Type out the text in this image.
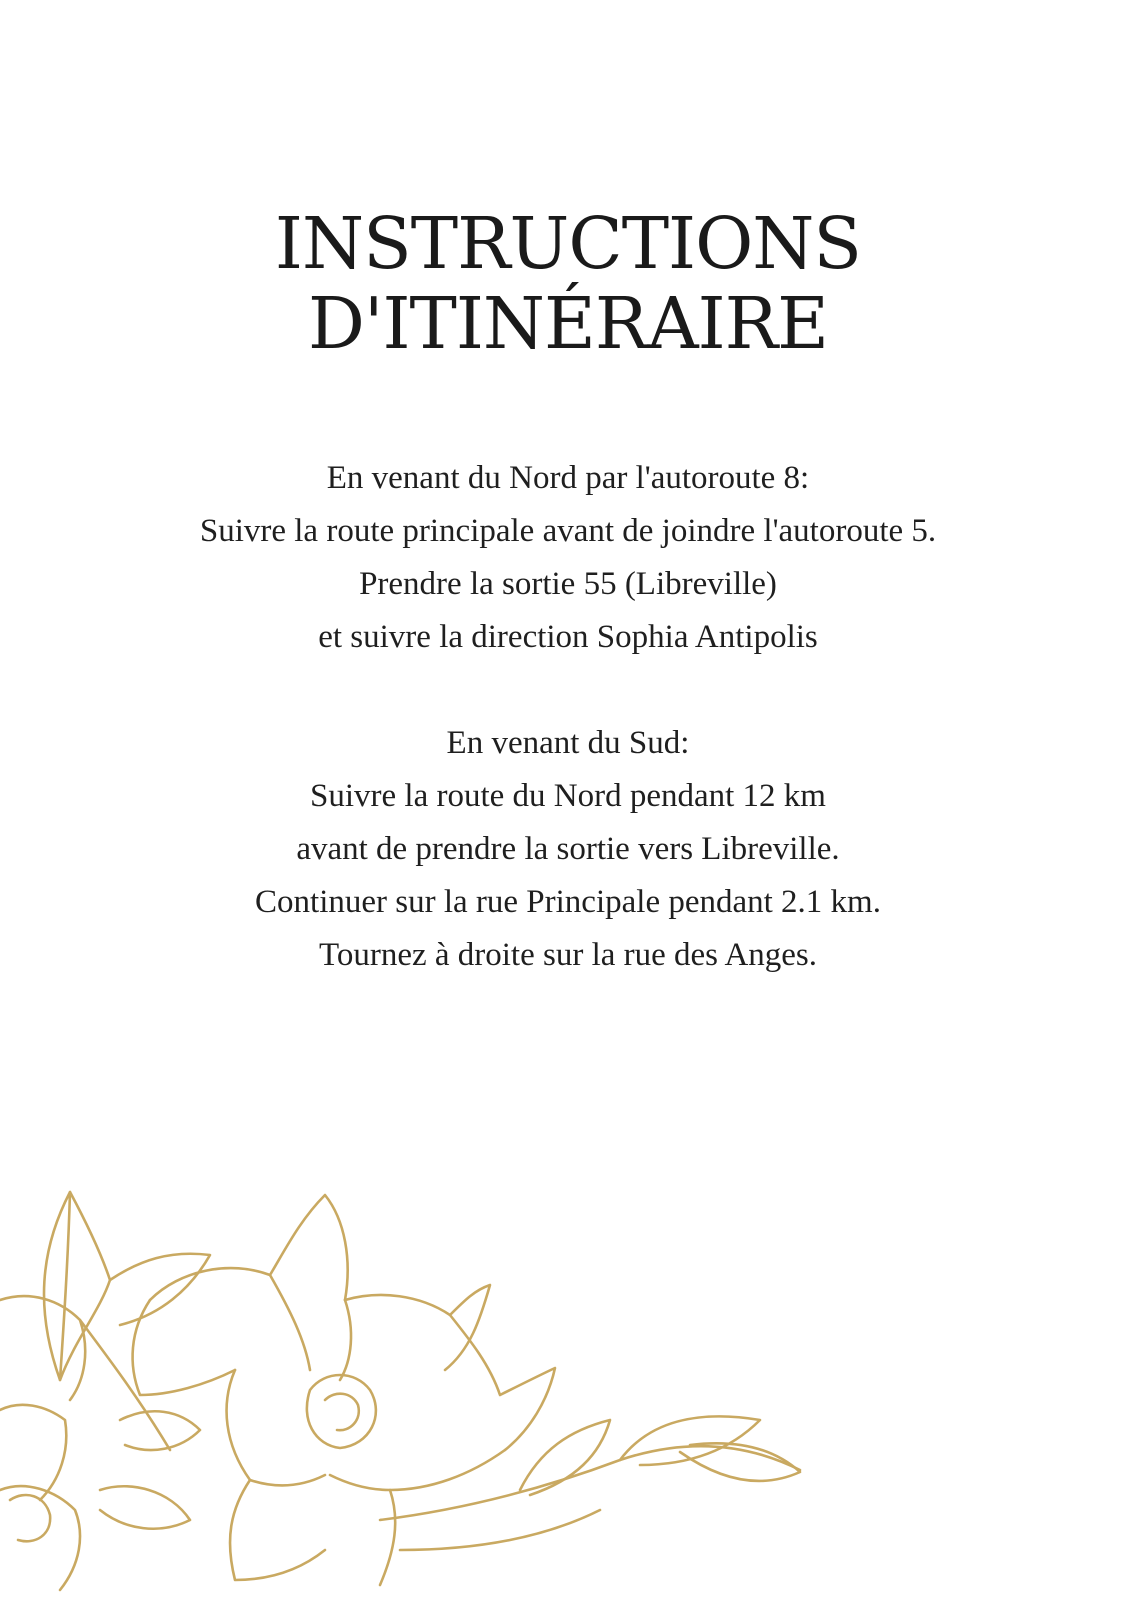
INSTRUCTIONS
D'ITINÉRAIRE
En venant du Nord par l'autoroute 8:
Suivre la route principale avant de joindre l'autoroute 5.
Prendre la sortie 55 (Libreville)
et suivre la direction Sophia Antipolis
En venant du Sud:
Suivre la route du Nord pendant 12 km
avant de prendre la sortie vers Libreville.
Continuer sur la rue Principale pendant 2.1 km.
Tournez à droite sur la rue des Anges.
